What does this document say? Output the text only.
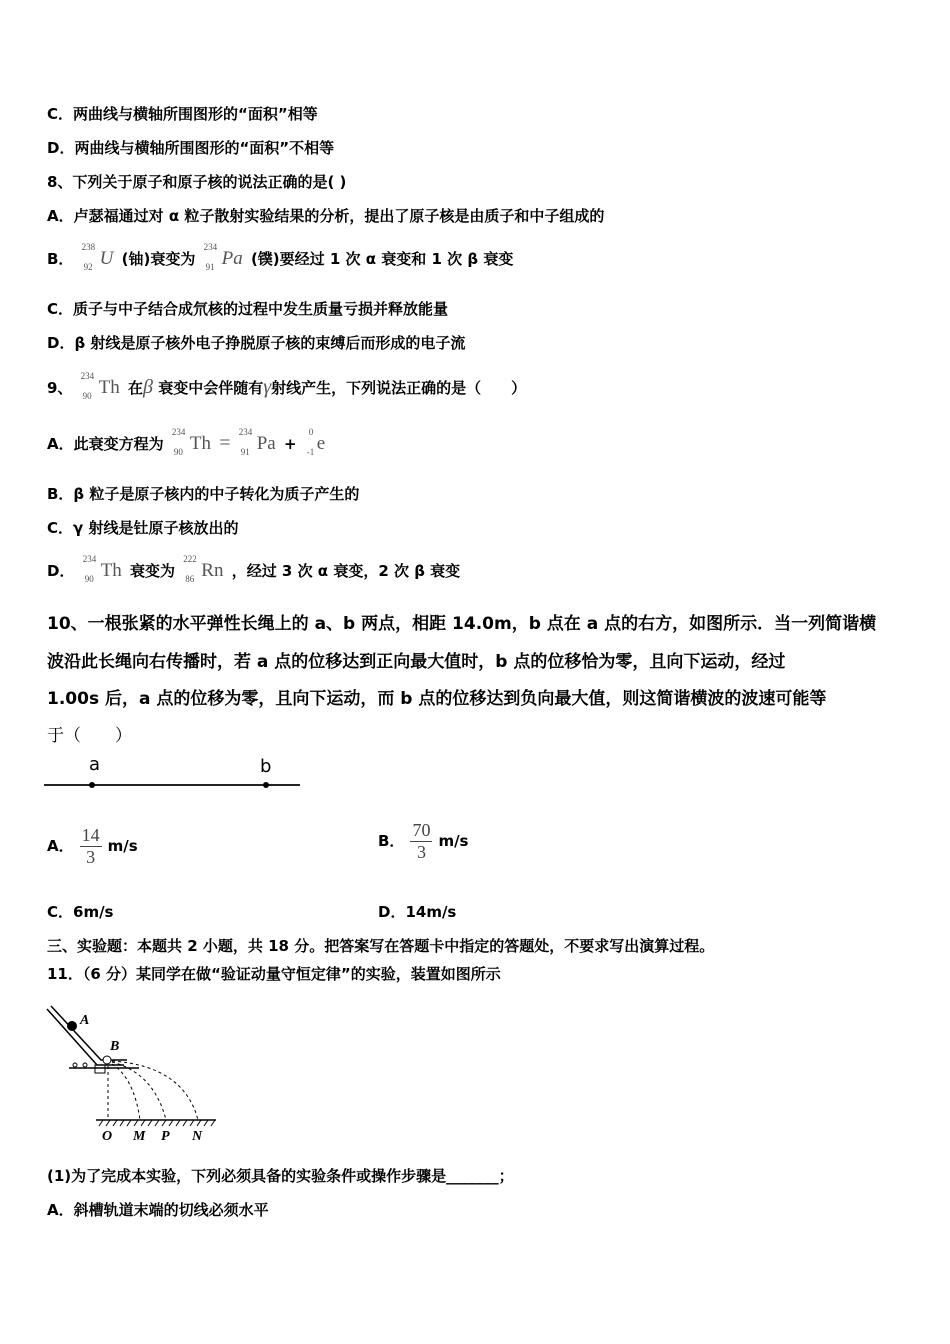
C．两曲线与横轴所围图形的“面积”相等
D．两曲线与横轴所围图形的“面积”不相等
8、下列关于原子和原子核的说法正确的是( )
A．卢瑟福通过对 α 粒子散射实验结果的分析，提出了原子核是由质子和中子组成的
B．
238
92 U (铀)衰变为
234
91 Pa (镤)要经过 1 次 α 衰变和 1 次 β 衰变
C．质子与中子结合成氘核的过程中发生质量亏损并释放能量
D．β 射线是原子核外电子挣脱原子核的束缚后而形成的电子流
9、
234
90 Th 在β 衰变中会伴随有γ射线产生，下列说法正确的是（　　）
A．此衰变方程为
234
90 Th = 234
91 Pa +
0
-1 e
B．β 粒子是原子核内的中子转化为质子产生的
C．γ 射线是钍原子核放出的
D．
234
90 Th 衰变为
222
86 Rn ，经过 3 次 α 衰变，2 次 β 衰变
10、一根张紧的水平弹性长绳上的 a、b 两点，相距 14.0m，b 点在 a 点的右方，如图所示．当一列简谐横
波沿此长绳向右传播时，若 a 点的位移达到正向最大值时，b 点的位移恰为零，且向下运动，经过
1.00s 后，a 点的位移为零，且向下运动，而 b 点的位移达到负向最大值，则这简谐横波的波速可能等
于（　　）
a	b
A． $\frac{14}{3} m/s$	B． $\frac{70}{3} m/s$
C．6m/s	D．14m/s
三、实验题：本题共 2 小题，共 18 分。把答案写在答题卡中指定的答题处，不要求写出演算过程。
11．（6 分）某同学在做“验证动量守恒定律”的实验，装置如图所示
A
B
O M P N
(1)为了完成本实验，下列必须具备的实验条件或操作步骤是_______；
A．斜槽轨道末端的切线必须水平
